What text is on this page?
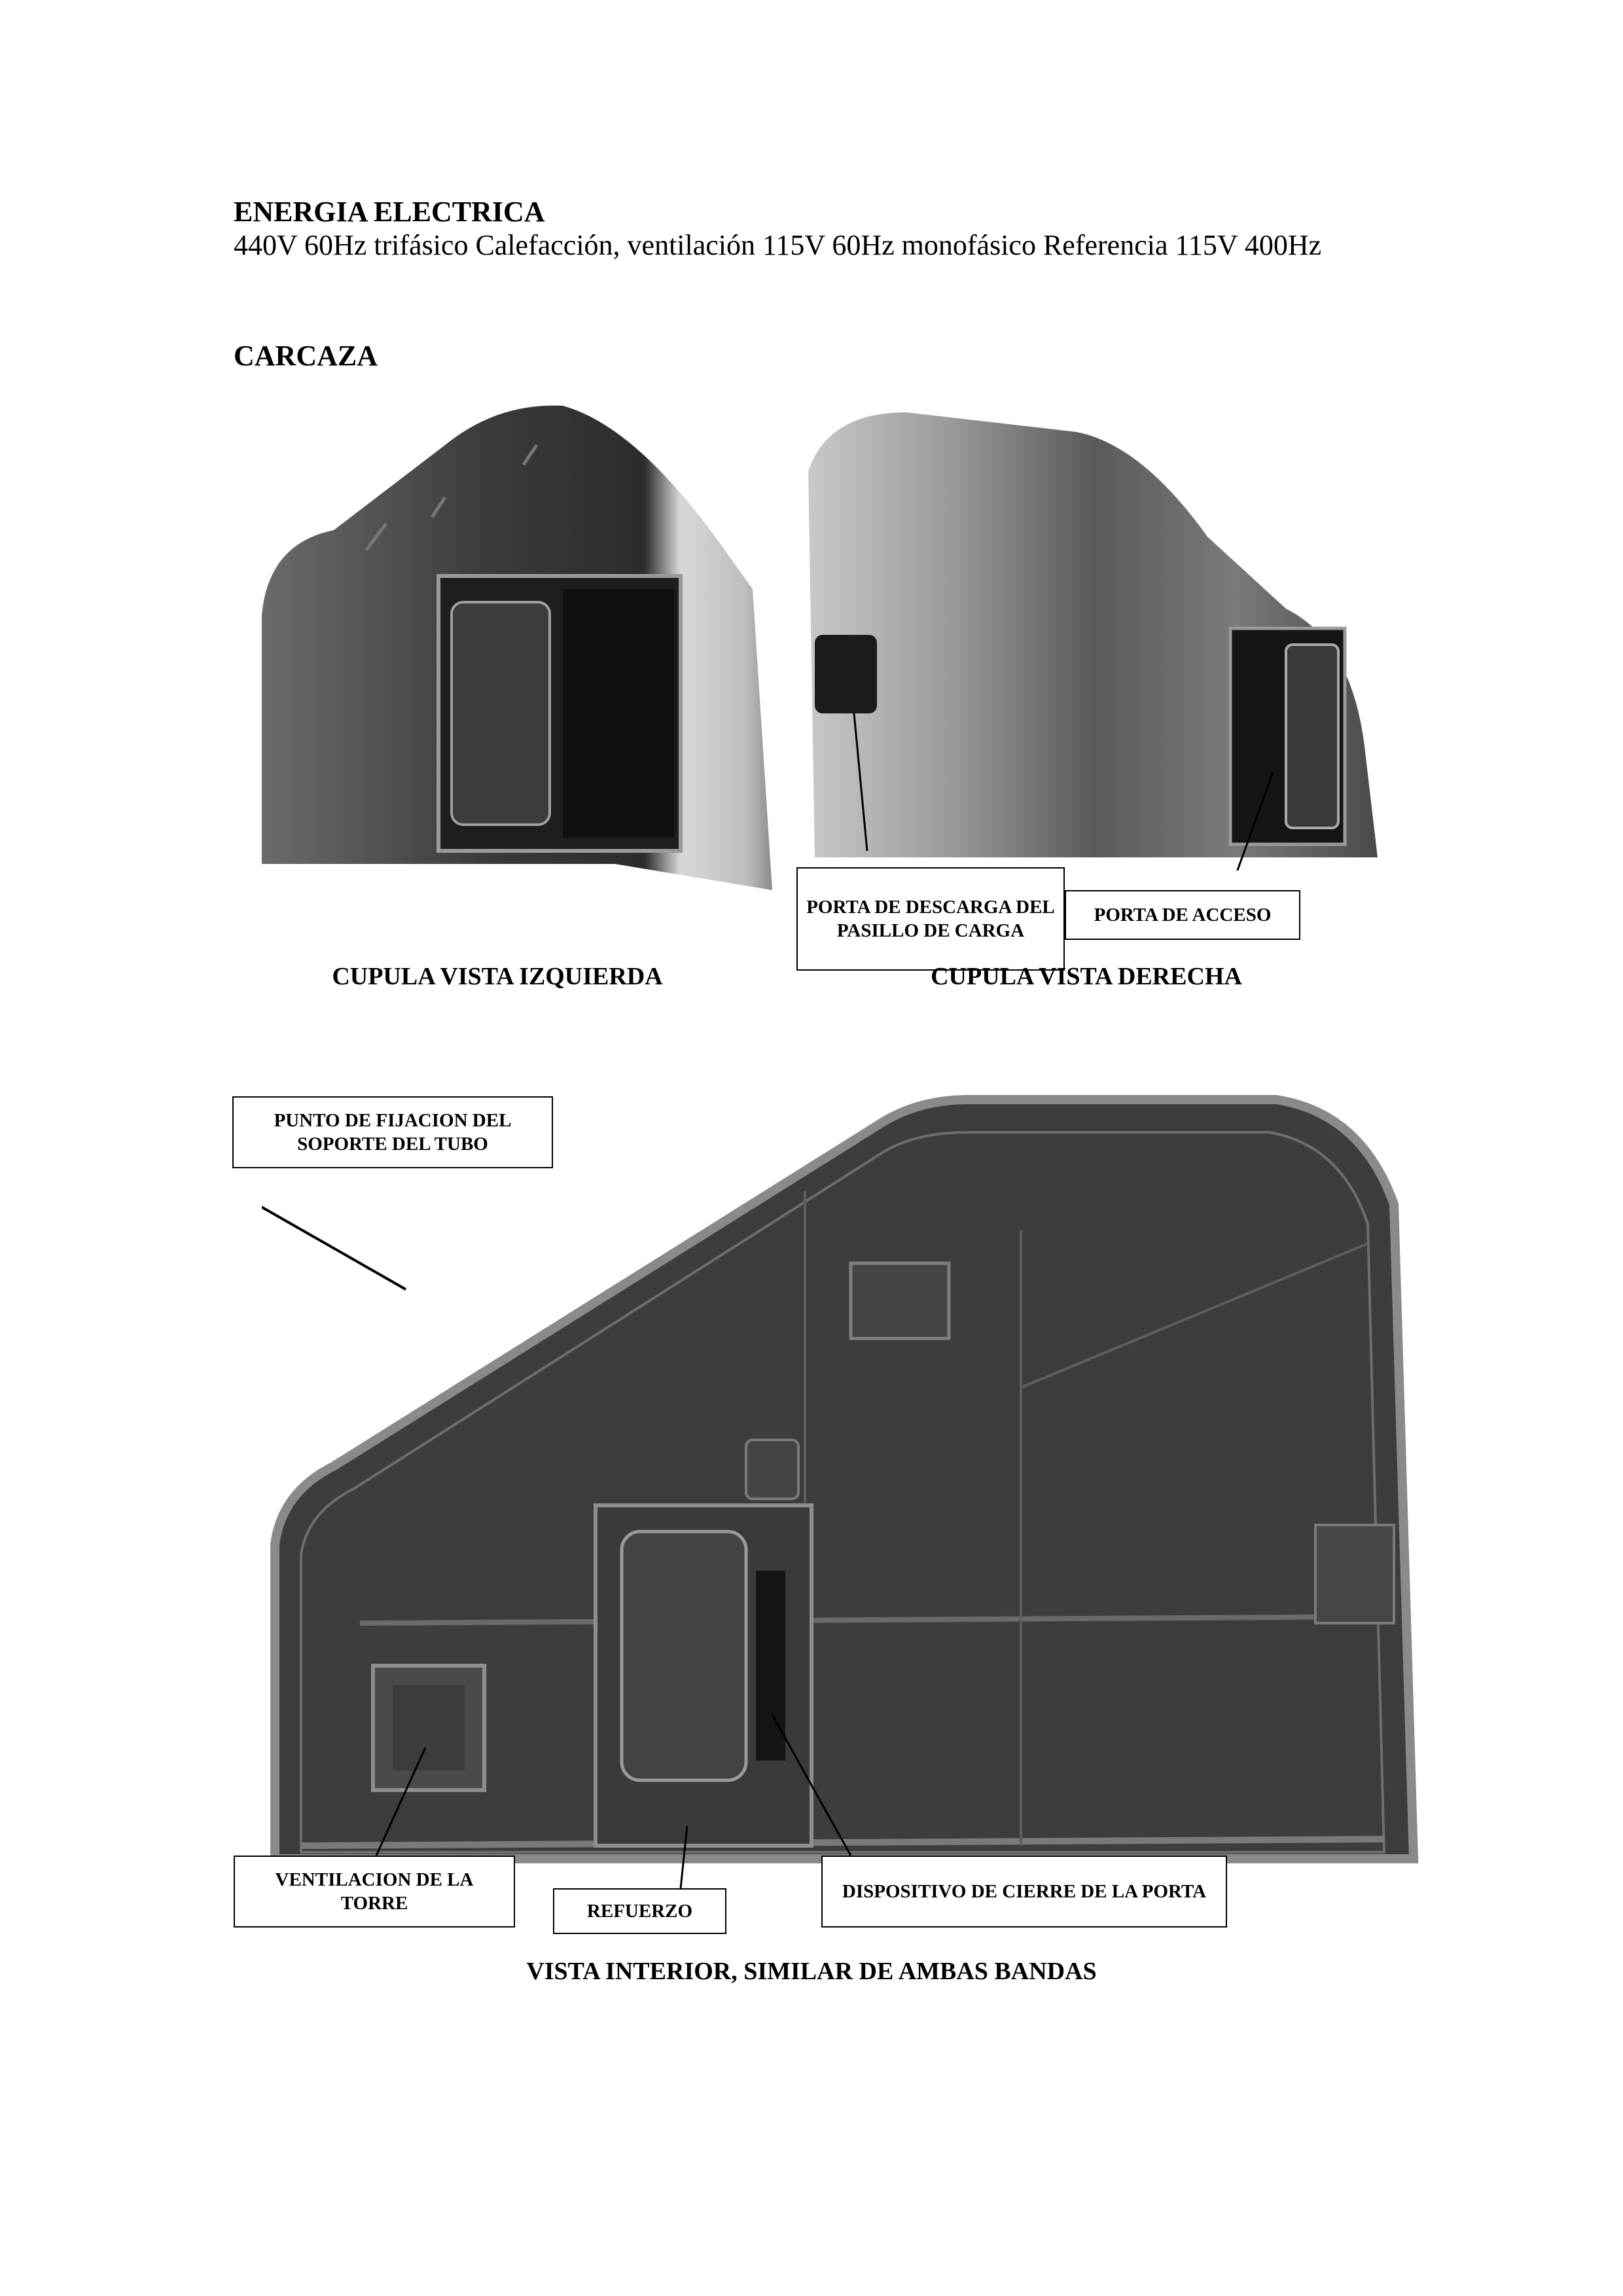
ENERGIA ELECTRICA
440V 60Hz trifásico Calefacción, ventilación 115V 60Hz monofásico Referencia 115V 400Hz
CARCAZA
PORTA DE DESCARGA DEL PASILLO DE CARGA
PORTA DE ACCESO
CUPULA VISTA IZQUIERDA	CUPULA VISTA DERECHA
PUNTO DE FIJACION DEL SOPORTE DEL TUBO
VENTILACION DE LA TORRE	REFUERZO
DISPOSITIVO DE CIERRE DE LA PORTA
VISTA INTERIOR, SIMILAR DE AMBAS BANDAS
